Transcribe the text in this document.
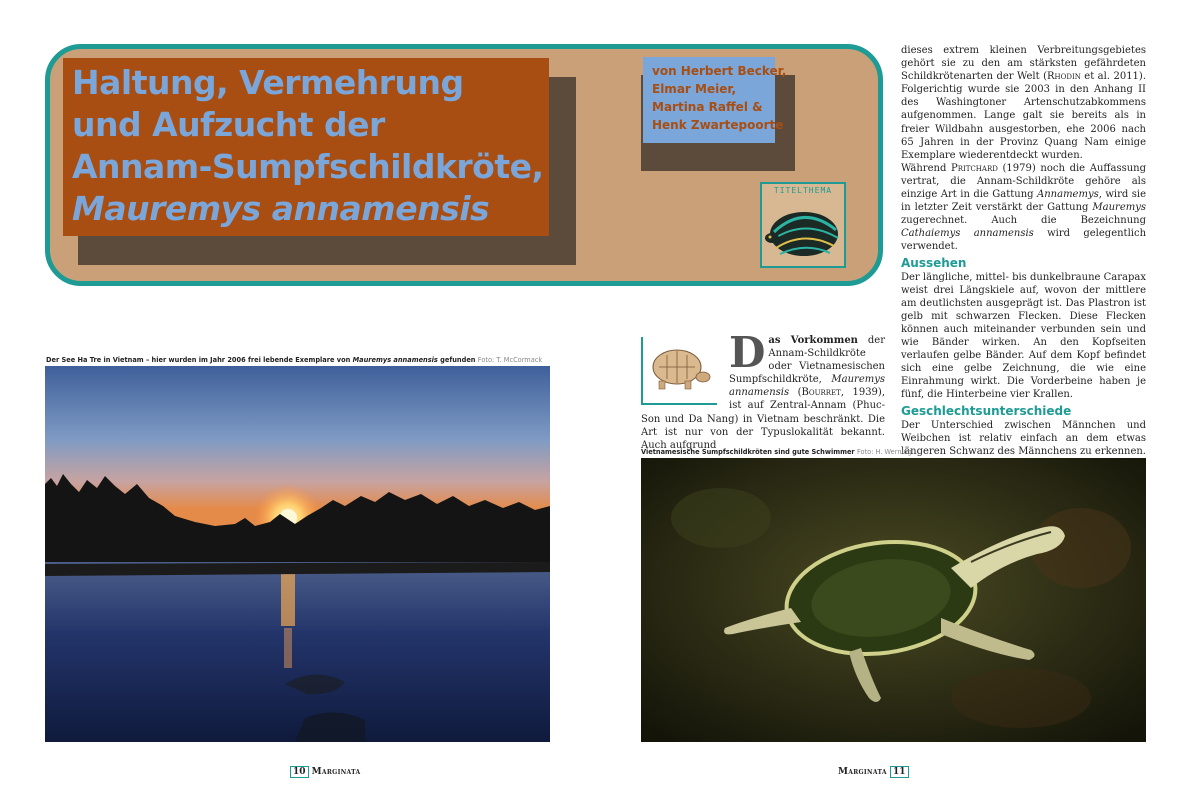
Haltung, Vermehrung
und Aufzucht der
Annam-Sumpfschildkröte,
Mauremys annamensis

von Herbert Becker,
Elmar Meier,
Martina Raffel &
Henk Zwartepoorte

TITELTHEMA
Der See Ha Tre in Vietnam – hier wurden im Jahr 2006 frei lebende Exemplare von Mauremys annamensis gefunden Foto: T. McCormack	Das Vorkommen der Annam-Schildkröte oder Vietnamesischen Sumpfschildkröte, Mauremys annamensis (Bourret, 1939), ist auf Zentral-Annam (Phuc-Son und Da Nang) in Vietnam beschränkt. Die Art ist nur von der Typuslokalität bekannt. Auch aufgrund

dieses extrem kleinen Verbreitungsgebietes gehört sie zu den am stärksten gefährdeten Schildkrötenarten der Welt (Rhodin et al. 2011). Folgerichtig wurde sie 2003 in den Anhang II des Washingtoner Artenschutzabkommens aufgenommen. Lange galt sie bereits als in freier Wildbahn ausgestorben, ehe 2006 nach 65 Jahren in der Provinz Quang Nam einige Exemplare wiederentdeckt wurden.

Während Pritchard (1979) noch die Auffassung vertrat, die Annam-Schildkröte gehöre als einzige Art in die Gattung Annamemys, wird sie in letzter Zeit verstärkt der Gattung Mauremys zugerechnet. Auch die Bezeichnung Cathaiemys annamensis wird gelegentlich verwendet.

Aussehen

Der längliche, mittel- bis dunkelbraune Carapax weist drei Längskiele auf, wovon der mittlere am deutlichsten ausgeprägt ist. Das Plastron ist gelb mit schwarzen Flecken. Diese Flecken können auch miteinander verbunden sein und wie Bänder wirken. An den Kopfseiten verlaufen gelbe Bänder. Auf dem Kopf befindet sich eine gelbe Zeichnung, die wie eine Einrahmung wirkt. Die Vorderbeine haben je fünf, die Hinterbeine vier Krallen.

Geschlechtsunterschiede

Der Unterschied zwischen Männchen und Weibchen ist relativ einfach an dem etwas längeren Schwanz des Männchens zu erkennen.

Vietnamesische Sumpfschildkröten sind gute Schwimmer Foto: H. Werning
10 Marginata	Marginata 11
